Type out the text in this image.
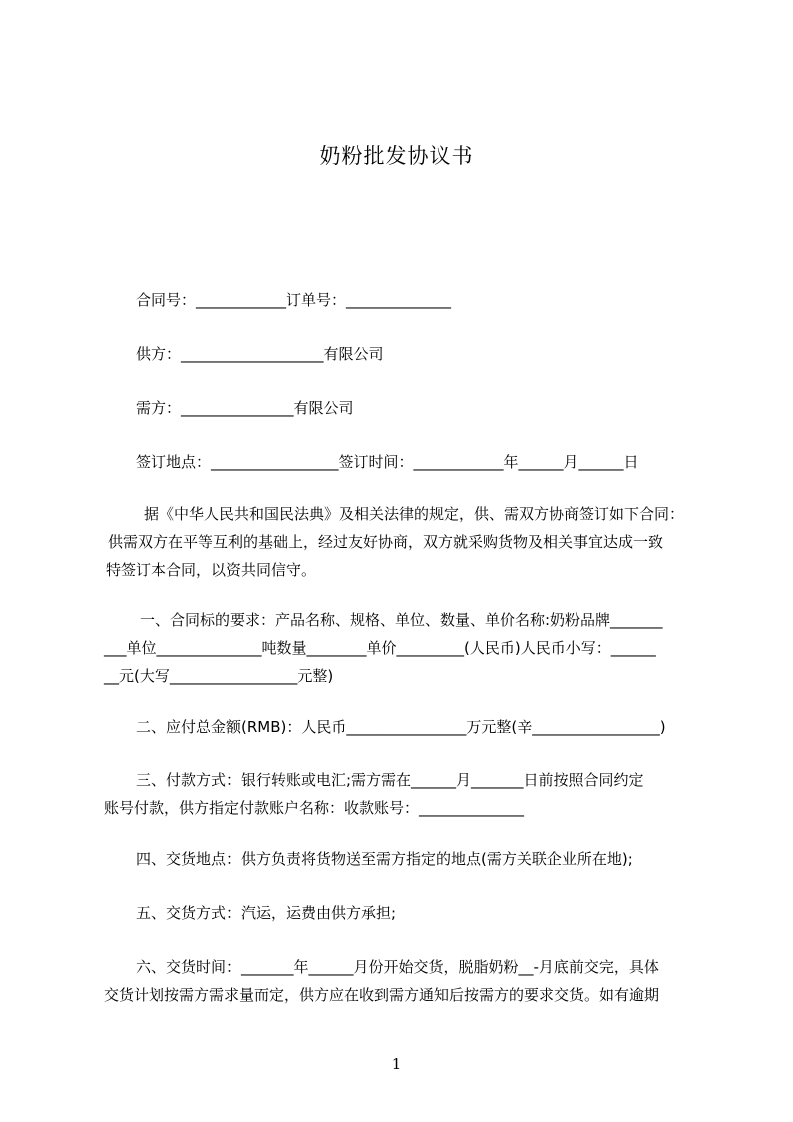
奶粉批发协议书
合同号：____________订单号：______________
供方：___________________有限公司
需方：_______________有限公司
签订地点：_________________签订时间：____________年______月______日
据《中华人民共和国民法典》及相关法律的规定，供、需双方协商签订如下合同：
供需双方在平等互利的基础上，经过友好协商，双方就采购货物及相关事宜达成一致
特签订本合同，以资共同信守。
一、合同标的要求：产品名称、规格、单位、数量、单价名称:奶粉品牌_______
___单位______________吨数量________单价_________(人民币)人民币小写：______
__元(大写_________________元整)
二、应付总金额(RMB)：人民币________________万元整(辛_________________)
三、付款方式：银行转账或电汇;需方需在______月_______日前按照合同约定
账号付款，供方指定付款账户名称：收款账号：______________
四、交货地点：供方负责将货物送至需方指定的地点(需方关联企业所在地);
五、交货方式：汽运，运费由供方承担;
六、交货时间：_______年______月份开始交货，脱脂奶粉__-月底前交完，具体
交货计划按需方需求量而定，供方应在收到需方通知后按需方的要求交货。如有逾期
1
